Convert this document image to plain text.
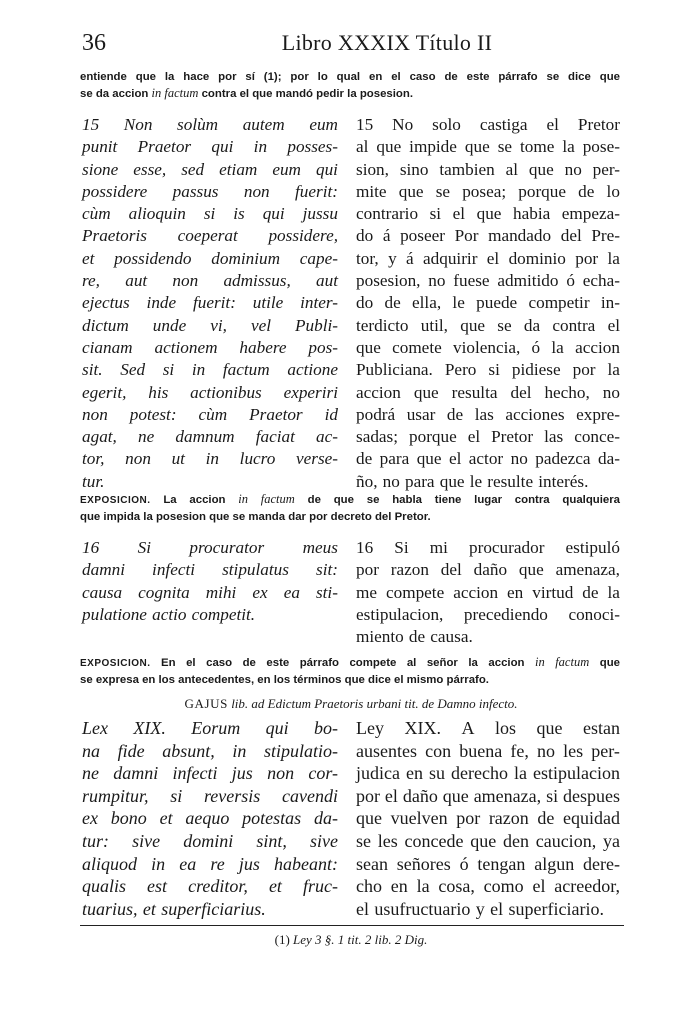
36	Libro XXXIX Título II

entiende que la hace por sí (1); por lo qual en el caso de este párrafo se dice que
se da accion in factum contra el que mandó pedir la posesion.

15 Non solùm autem eum
punit Praetor qui in posses-
sione esse, sed etiam eum qui
possidere passus non fuerit:
cùm alioquin si is qui jussu
Praetoris coeperat possidere,
et possidendo dominium cape-
re, aut non admissus, aut
ejectus inde fuerit: utile inter-
dictum unde vi, vel Publi-
cianam actionem habere pos-
sit. Sed si in factum actione
egerit, his actionibus experiri
non potest: cùm Praetor id
agat, ne damnum faciat ac-
tor, non ut in lucro verse-
tur.
15 No solo castiga el Pretor
al que impide que se tome la pose-
sion, sino tambien al que no per-
mite que se posea; porque de lo
contrario si el que habia empeza-
do á poseer Por mandado del Pre-
tor, y á adquirir el dominio por la
posesion, no fuese admitido ó echa-
do de ella, le puede competir in-
terdicto util, que se da contra el
que comete violencia, ó la accion
Publiciana. Pero si pidiese por la
accion que resulta del hecho, no
podrá usar de las acciones expre-
sadas; porque el Pretor las conce-
de para que el actor no padezca da-
ño, no para que le resulte interés.

EXPOSICION. La accion in factum de que se habla tiene lugar contra qualquiera
que impida la posesion que se manda dar por decreto del Pretor.

16 Si procurator meus
damni infecti stipulatus sit:
causa cognita mihi ex ea sti-
pulatione actio competit.
16 Si mi procurador estipuló
por razon del daño que amenaza,
me compete accion en virtud de la
estipulacion, precediendo conoci-
miento de causa.

EXPOSICION. En el caso de este párrafo compete al señor la accion in factum que
se expresa en los antecedentes, en los términos que dice el mismo párrafo.

GAJUS lib. ad Edictum Praetoris urbani tit. de Damno infecto.

Lex XIX. Eorum qui bo-
na fide absunt, in stipulatio-
ne damni infecti jus non cor-
rumpitur, si reversis cavendi
ex bono et aequo potestas da-
tur: sive domini sint, sive
aliquod in ea re jus habeant:
qualis est creditor, et fruc-
tuarius, et superficiarius.
Ley XIX. A los que estan
ausentes con buena fe, no les per-
judica en su derecho la estipulacion
por el daño que amenaza, si despues
que vuelven por razon de equidad
se les concede que den caucion, ya
sean señores ó tengan algun dere-
cho en la cosa, como el acreedor,
el usufructuario y el superficiario.

(1) Ley 3 §. 1 tit. 2 lib. 2 Dig.
